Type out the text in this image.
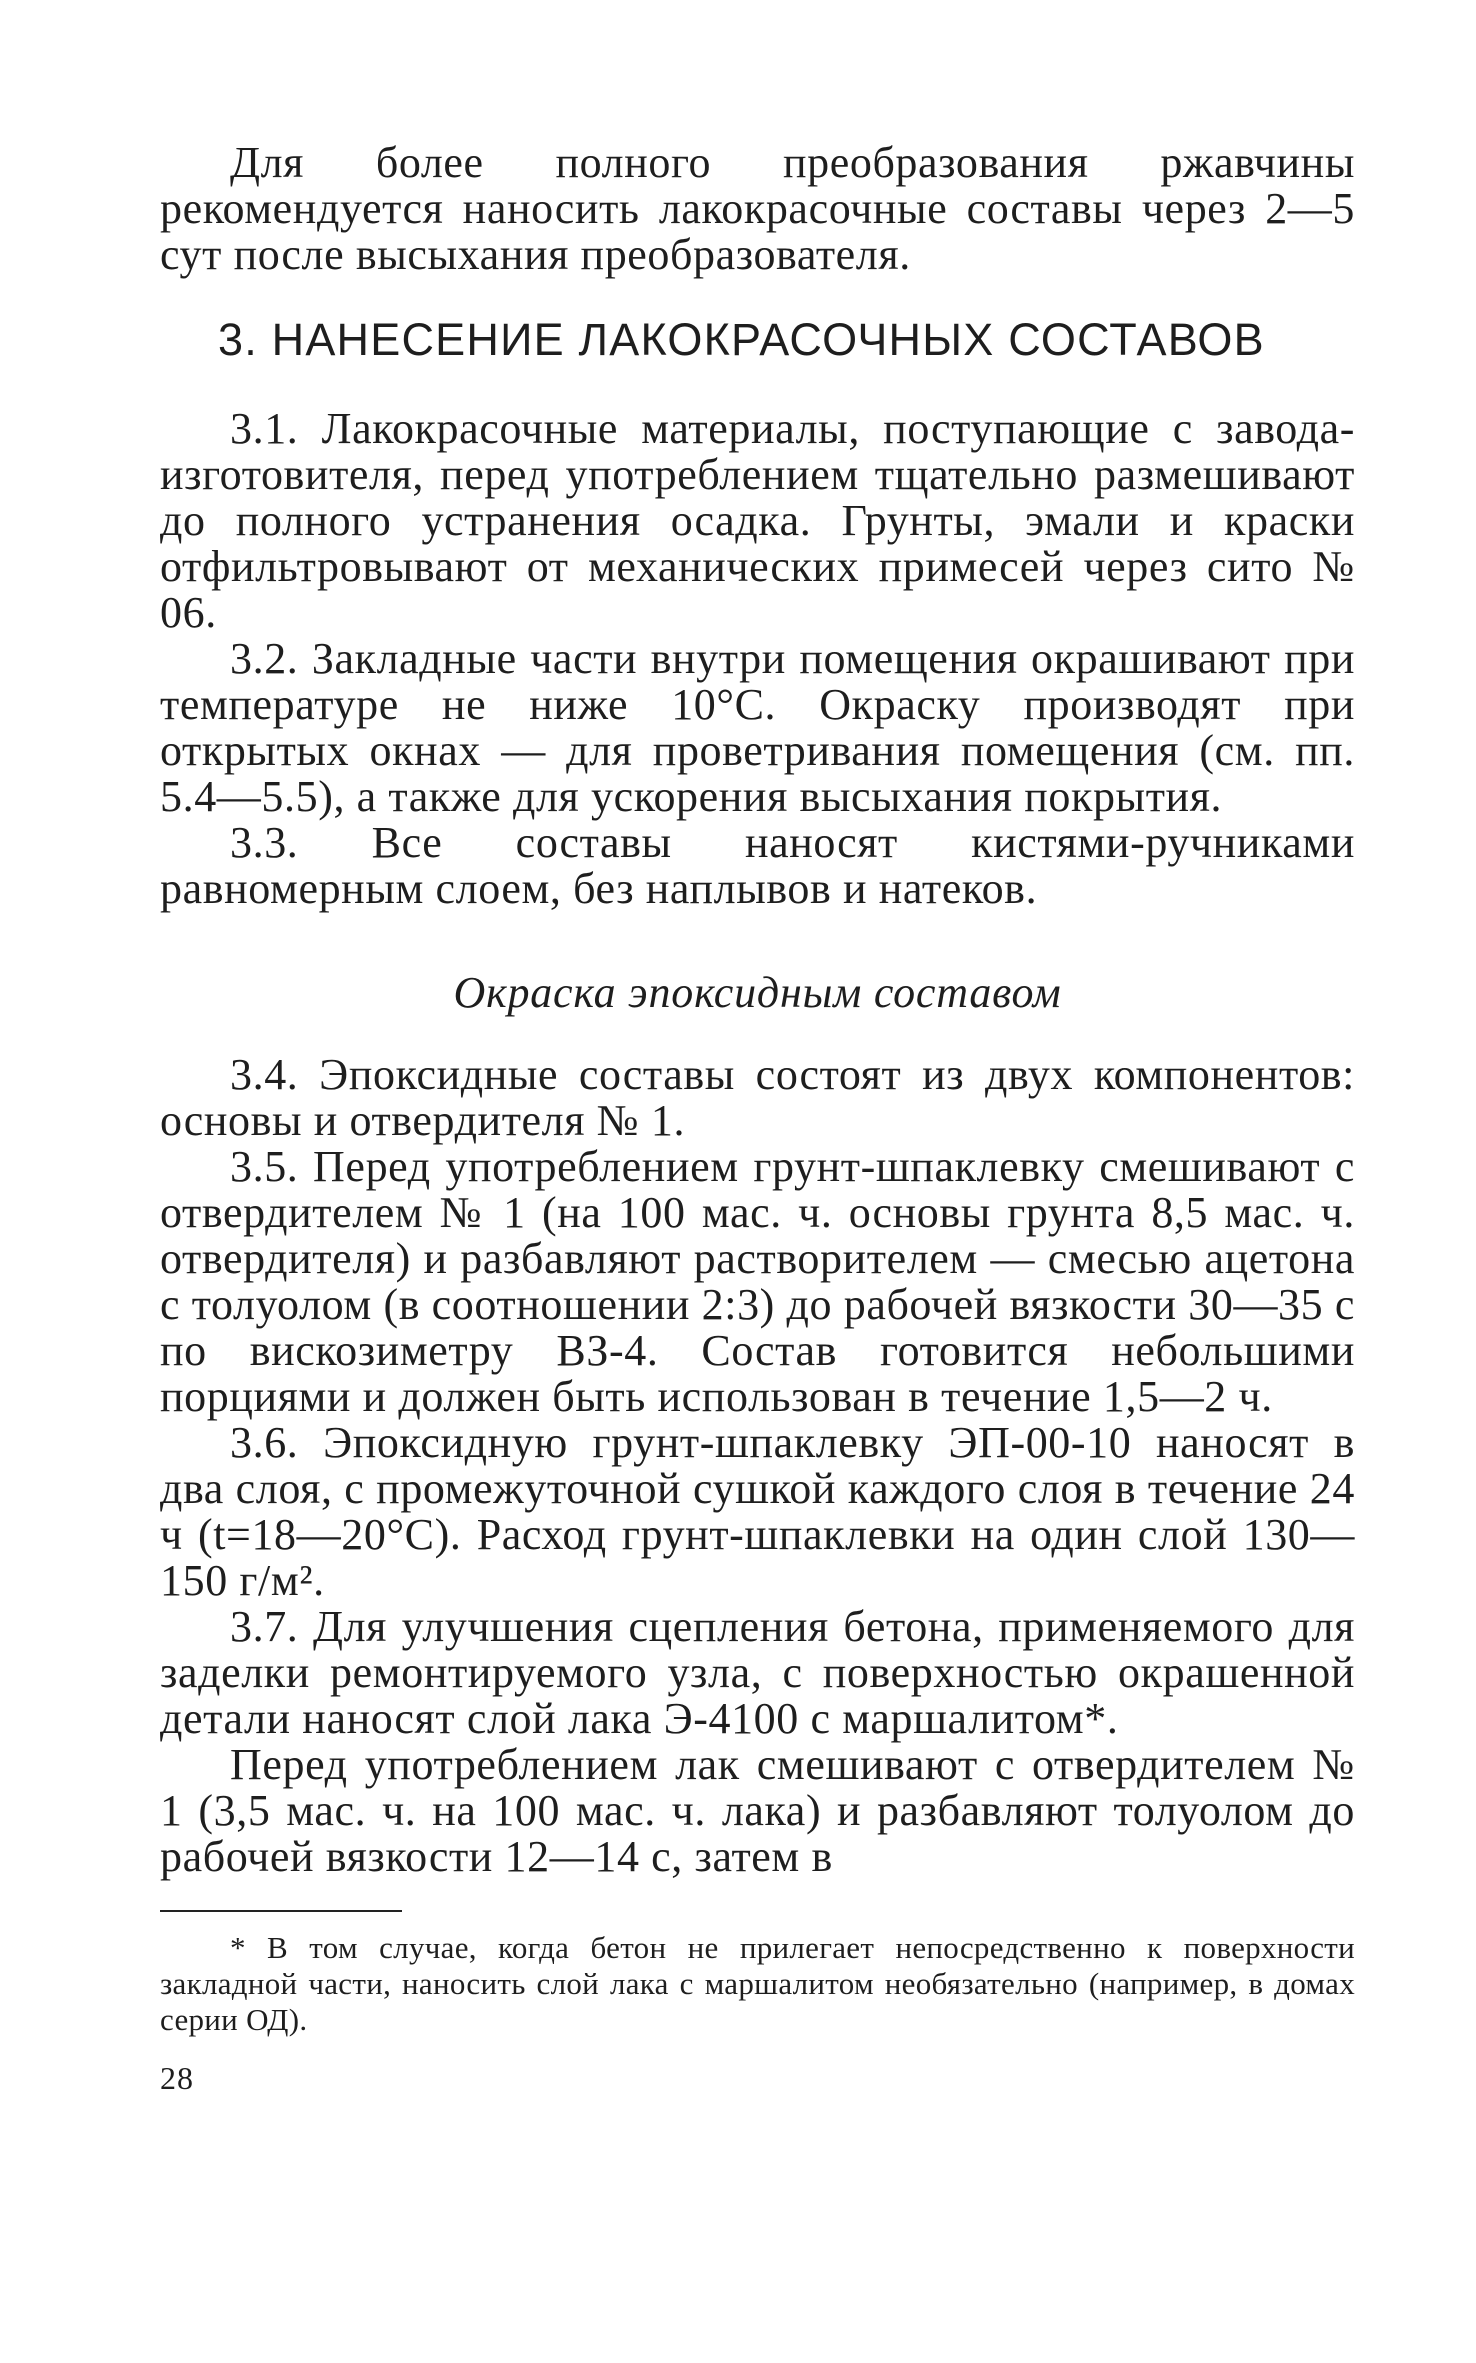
Для более полного преобразования ржавчины рекомендуется наносить лакокрасочные составы через 2—5 сут после высыхания преобразователя.

3. НАНЕСЕНИЕ ЛАКОКРАСОЧНЫХ СОСТАВОВ

3.1. Лакокрасочные материалы, поступающие с завода-изготовителя, перед употреблением тщательно размешивают до полного устранения осадка. Грунты, эмали и краски отфильтровывают от механических примесей через сито № 06.

3.2. Закладные части внутри помещения окрашивают при температуре не ниже 10°С. Окраску производят при открытых окнах — для проветривания помещения (см. пп. 5.4—5.5), а также для ускорения высыхания покрытия.

3.3. Все составы наносят кистями-ручниками равномерным слоем, без наплывов и натеков.

Окраска эпоксидным составом

3.4. Эпоксидные составы состоят из двух компонентов: основы и отвердителя № 1.

3.5. Перед употреблением грунт-шпаклевку смешивают с отвердителем № 1 (на 100 мас. ч. основы грунта 8,5 мас. ч. отвердителя) и разбавляют растворителем — смесью ацетона с толуолом (в соотношении 2:3) до рабочей вязкости 30—35 с по вискозиметру ВЗ-4. Состав готовится небольшими порциями и должен быть использован в течение 1,5—2 ч.

3.6. Эпоксидную грунт-шпаклевку ЭП-00-10 наносят в два слоя, с промежуточной сушкой каждого слоя в течение 24 ч (t=18—20°С). Расход грунт-шпаклевки на один слой 130—150 г/м².

3.7. Для улучшения сцепления бетона, применяемого для заделки ремонтируемого узла, с поверхностью окрашенной детали наносят слой лака Э-4100 с маршалитом*.

Перед употреблением лак смешивают с отвердителем № 1 (3,5 мас. ч. на 100 мас. ч. лака) и разбавляют толуолом до рабочей вязкости 12—14 с, затем в

* В том случае, когда бетон не прилегает непосредственно к поверхности закладной части, наносить слой лака с маршалитом необязательно (например, в домах серии ОД).

28
